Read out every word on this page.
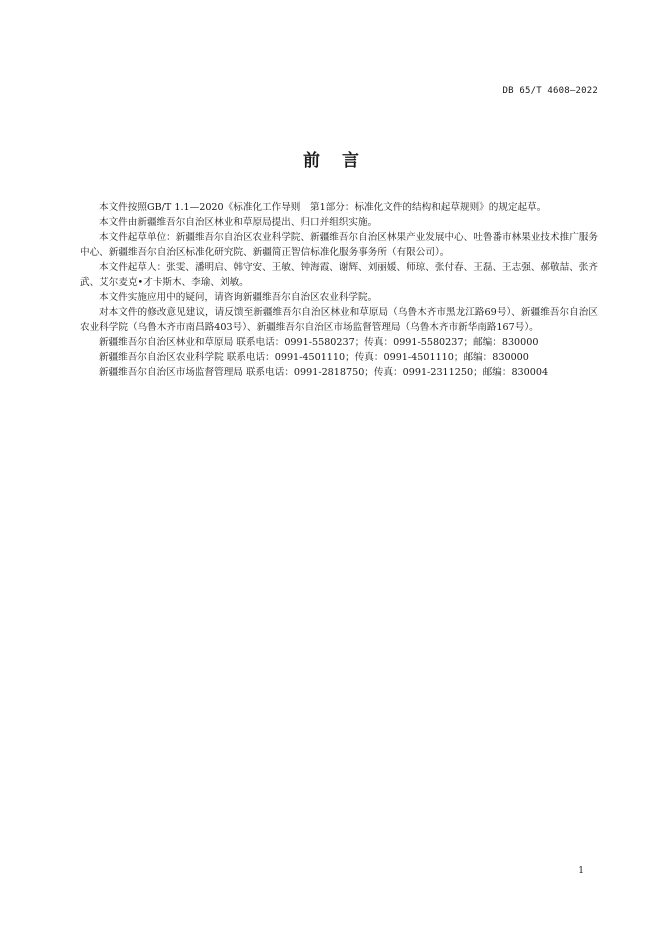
DB 65/T 4608—2022
前言

本文件按照GB/T 1.1—2020《标准化工作导则　第1部分：标准化文件的结构和起草规则》的规定起草。

本文件由新疆维吾尔自治区林业和草原局提出、归口并组织实施。

本文件起草单位：新疆维吾尔自治区农业科学院、新疆维吾尔自治区林果产业发展中心、吐鲁番市林果业技术推广服务中心、新疆维吾尔自治区标准化研究院、新疆简正智信标准化服务事务所（有限公司）。

本文件起草人：张雯、潘明启、韩守安、王敏、钟海霞、谢辉、刘丽媛、师琼、张付春、王磊、王志强、郝敬喆、张齐武、艾尔麦克•才卡斯木、李瑜、刘敏。

本文件实施应用中的疑问，请咨询新疆维吾尔自治区农业科学院。

对本文件的修改意见建议，请反馈至新疆维吾尔自治区林业和草原局（乌鲁木齐市黑龙江路69号）、新疆维吾尔自治区农业科学院（乌鲁木齐市南昌路403号）、新疆维吾尔自治区市场监督管理局（乌鲁木齐市新华南路167号）。

新疆维吾尔自治区林业和草原局 联系电话：0991-5580237；传真：0991-5580237；邮编：830000
新疆维吾尔自治区农业科学院 联系电话：0991-4501110；传真：0991-4501110；邮编：830000
新疆维吾尔自治区市场监督管理局 联系电话：0991-2818750；传真：0991-2311250；邮编：830004
1
